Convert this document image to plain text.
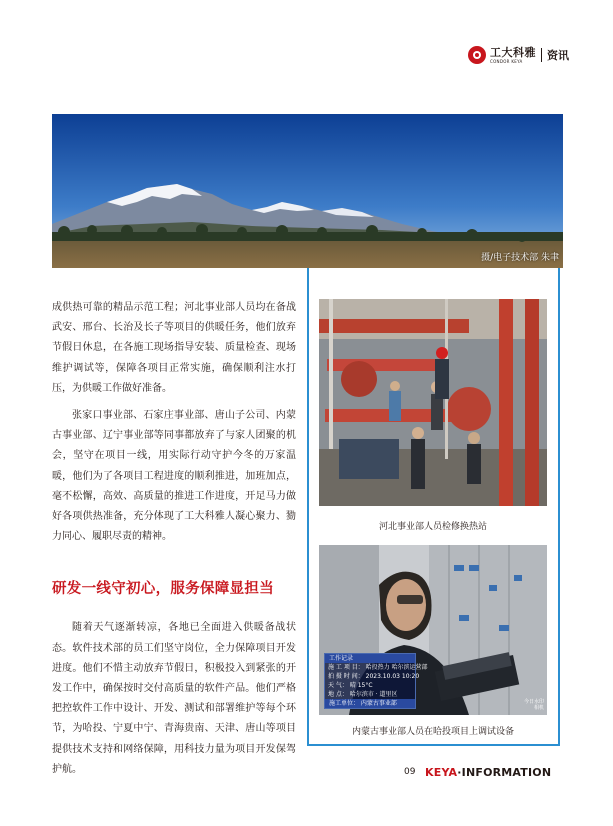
工大科雅
CONDOR KEYA	资讯
摄/电子技术部 朱聿

成供热可靠的精品示范工程；河北事业部人员均在备战武安、邢台、长治及长子等项目的供暖任务，他们放弃节假日休息，在各施工现场指导安装、质量检查、现场维护调试等，保障各项目正常实施，确保顺利注水打压，为供暖工作做好准备。

张家口事业部、石家庄事业部、唐山子公司、内蒙古事业部、辽宁事业部等同事都放弃了与家人团聚的机会，坚守在项目一线，用实际行动守护今冬的万家温暖，他们为了各项目工程进度的顺利推进，加班加点，毫不松懈，高效、高质量的推进工作进度，开足马力做好各项供热准备，充分体现了工大科雅人凝心聚力、勠力同心、履职尽责的精神。

研发一线守初心，服务保障显担当

随着天气逐渐转凉，各地已全面进入供暖备战状态。软件技术部的员工们坚守岗位，全力保障项目开发进度。他们不惜主动放弃节假日，积极投入到紧张的开发工作中，确保按时交付高质量的软件产品。他们严格把控软件工作中设计、开发、测试和部署维护等每个环节，为哈投、宁夏中宁、青海贵南、天津、唐山等项目提供技术支持和网络保障，用科技力量为项目开发保驾护航。

河北事业部人员检修换热站
工作记录
施 工 项 目： 哈投热力 哈尔滨运营部
拍 摄 时 间： 2023.10.03 10:20
天 气： 晴 15°C
地 点： 哈尔滨市 · 道里区
施工单位： 内蒙古事业部	今日水印
相机
内蒙古事业部人员在哈投项目上调试设备
09 KEYA·INFORMATION
